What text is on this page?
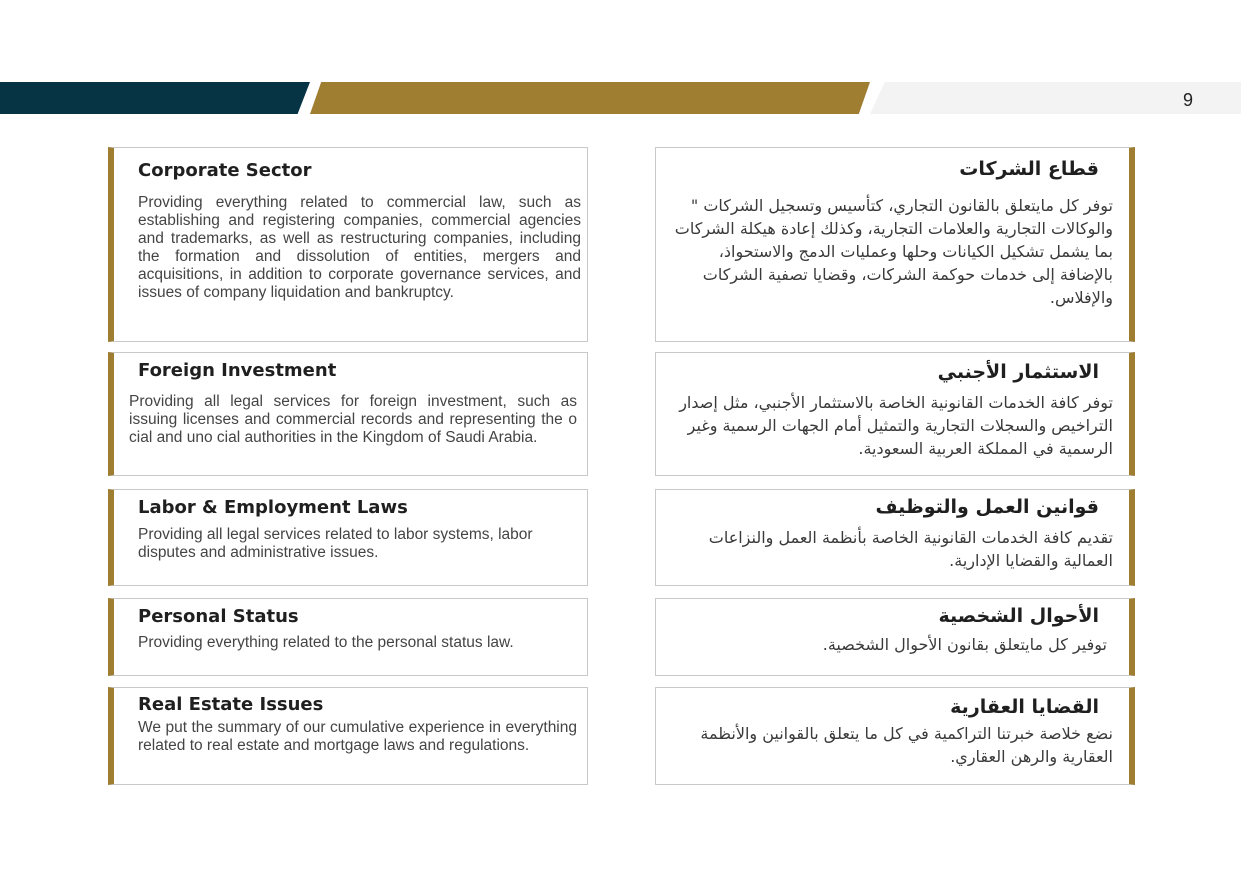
9
Corporate Sector
Providing everything related to commercial law, such as establishing and registering companies, commercial agencies and trademarks, as well as restructuring companies, including the formation and dissolution of entities, mergers and acquisitions, in addition to corporate governance services, and issues of company liquidation and bankruptcy.
قطاع الشركات
توفر كل مايتعلق بالقانون التجاري، كتأسيس وتسجيل الشركات " والوكالات التجارية والعلامات التجارية، وكذلك إعادة هيكلة الشركات بما يشمل تشكيل الكيانات وحلها وعمليات الدمج والاستحواذ، بالإضافة إلى خدمات حوكمة الشركات، وقضايا تصفية الشركات والإفلاس.
Foreign Investment
Providing all legal services for foreign investment, such as issuing licenses and commercial records and representing the o cial and uno cial authorities in the Kingdom of Saudi Arabia.
الاستثمار الأجنبي
توفر كافة الخدمات القانونية الخاصة بالاستثمار الأجنبي، مثل إصدار التراخيص والسجلات التجارية والتمثيل أمام الجهات الرسمية وغير الرسمية في المملكة العربية السعودية.
Labor & Employment Laws
Providing all legal services related to labor systems, labor disputes and administrative issues.
قوانين العمل والتوظيف
تقديم كافة الخدمات القانونية الخاصة بأنظمة العمل والنزاعات العمالية والقضايا الإدارية.
Personal Status
Providing everything related to the personal status law.
الأحوال الشخصية
توفير كل مايتعلق بقانون الأحوال الشخصية.
Real Estate Issues
We put the summary of our cumulative experience in everything related to real estate and mortgage laws and regulations.
القضايا العقارية
نضع خلاصة خبرتنا التراكمية في كل ما يتعلق بالقوانين والأنظمة العقارية والرهن العقاري.
